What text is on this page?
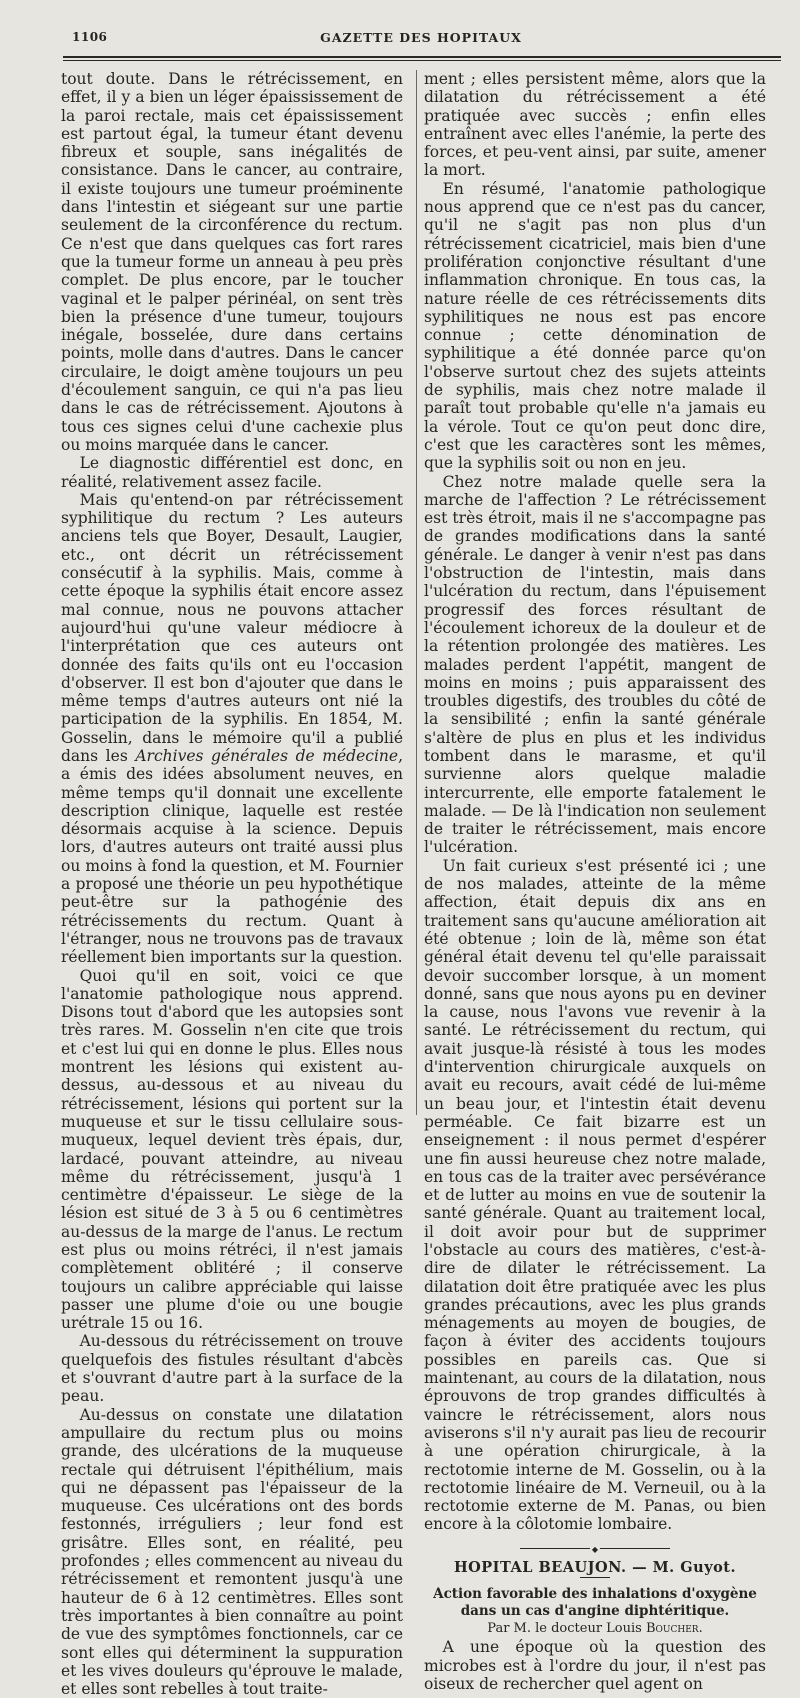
1106	GAZETTE DES HOPITAUX

tout doute. Dans le rétrécissement, en effet, il y a bien un léger épaississement de la paroi rectale, mais cet épaississement est partout égal, la tumeur étant devenu fibreux et souple, sans inégalités de consistance. Dans le cancer, au contraire, il existe toujours une tumeur proéminente dans l'intestin et siégeant sur une partie seulement de la circonférence du rectum. Ce n'est que dans quelques cas fort rares que la tumeur forme un anneau à peu près complet. De plus encore, par le toucher vaginal et le palper périnéal, on sent très bien la présence d'une tumeur, toujours inégale, bosselée, dure dans certains points, molle dans d'autres. Dans le cancer circulaire, le doigt amène toujours un peu d'écoulement sanguin, ce qui n'a pas lieu dans le cas de rétrécissement. Ajoutons à tous ces signes celui d'une cachexie plus ou moins marquée dans le cancer.

Le diagnostic différentiel est donc, en réalité, relativement assez facile.

Mais qu'entend-on par rétrécissement syphilitique du rectum ? Les auteurs anciens tels que Boyer, Desault, Laugier, etc., ont décrit un rétrécissement consécutif à la syphilis. Mais, comme à cette époque la syphilis était encore assez mal connue, nous ne pouvons attacher aujourd'hui qu'une valeur médiocre à l'interprétation que ces auteurs ont donnée des faits qu'ils ont eu l'occasion d'observer. Il est bon d'ajouter que dans le même temps d'autres auteurs ont nié la participation de la syphilis. En 1854, M. Gosselin, dans le mémoire qu'il a publié dans les Archives générales de médecine, a émis des idées absolument neuves, en même temps qu'il donnait une excellente description clinique, laquelle est restée désormais acquise à la science. Depuis lors, d'autres auteurs ont traité aussi plus ou moins à fond la question, et M. Fournier a proposé une théorie un peu hypothétique peut-être sur la pathogénie des rétrécissements du rectum. Quant à l'étranger, nous ne trouvons pas de travaux réellement bien importants sur la question.

Quoi qu'il en soit, voici ce que l'anatomie pathologique nous apprend. Disons tout d'abord que les autopsies sont très rares. M. Gosselin n'en cite que trois et c'est lui qui en donne le plus. Elles nous montrent les lésions qui existent au-dessus, au-dessous et au niveau du rétrécissement, lésions qui portent sur la muqueuse et sur le tissu cellulaire sous-muqueux, lequel devient très épais, dur, lardacé, pouvant atteindre, au niveau même du rétrécissement, jusqu'à 1 centimètre d'épaisseur. Le siège de la lésion est situé de 3 à 5 ou 6 centimètres au-dessus de la marge de l'anus. Le rectum est plus ou moins rétréci, il n'est jamais complètement oblitéré ; il conserve toujours un calibre appréciable qui laisse passer une plume d'oie ou une bougie urétrale 15 ou 16.

Au-dessous du rétrécissement on trouve quelquefois des fistules résultant d'abcès et s'ouvrant d'autre part à la surface de la peau.

Au-dessus on constate une dilatation ampullaire du rectum plus ou moins grande, des ulcérations de la muqueuse rectale qui détruisent l'épithélium, mais qui ne dépassent pas l'épaisseur de la muqueuse. Ces ulcérations ont des bords festonnés, irréguliers ; leur fond est grisâtre. Elles sont, en réalité, peu profondes ; elles commencent au niveau du rétrécissement et remontent jusqu'à une hauteur de 6 à 12 centimètres. Elles sont très importantes à bien connaître au point de vue des symptômes fonctionnels, car ce sont elles qui déterminent la suppuration et les vives douleurs qu'éprouve le malade, et elles sont rebelles à tout traite-

ment ; elles persistent même, alors que la dilatation du rétrécissement a été pratiquée avec succès ; enfin elles entraînent avec elles l'anémie, la perte des forces, et peu-vent ainsi, par suite, amener la mort.

En résumé, l'anatomie pathologique nous apprend que ce n'est pas du cancer, qu'il ne s'agit pas non plus d'un rétrécissement cicatriciel, mais bien d'une prolifération conjonctive résultant d'une inflammation chronique. En tous cas, la nature réelle de ces rétrécissements dits syphilitiques ne nous est pas encore connue ; cette dénomination de syphilitique a été donnée parce qu'on l'observe surtout chez des sujets atteints de syphilis, mais chez notre malade il paraît tout probable qu'elle n'a jamais eu la vérole. Tout ce qu'on peut donc dire, c'est que les caractères sont les mêmes, que la syphilis soit ou non en jeu.

Chez notre malade quelle sera la marche de l'affection ? Le rétrécissement est très étroit, mais il ne s'accompagne pas de grandes modifications dans la santé générale. Le danger à venir n'est pas dans l'obstruction de l'intestin, mais dans l'ulcération du rectum, dans l'épuisement progressif des forces résultant de l'écoulement ichoreux de la douleur et de la rétention prolongée des matières. Les malades perdent l'appétit, mangent de moins en moins ; puis apparaissent des troubles digestifs, des troubles du côté de la sensibilité ; enfin la santé générale s'altère de plus en plus et les individus tombent dans le marasme, et qu'il survienne alors quelque maladie intercurrente, elle emporte fatalement le malade. — De là l'indication non seulement de traiter le rétrécissement, mais encore l'ulcération.

Un fait curieux s'est présenté ici ; une de nos malades, atteinte de la même affection, était depuis dix ans en traitement sans qu'aucune amélioration ait été obtenue ; loin de là, même son état général était devenu tel qu'elle paraissait devoir succomber lorsque, à un moment donné, sans que nous ayons pu en deviner la cause, nous l'avons vue revenir à la santé. Le rétrécissement du rectum, qui avait jusque-là résisté à tous les modes d'intervention chirurgicale auxquels on avait eu recours, avait cédé de lui-même un beau jour, et l'intestin était devenu perméable. Ce fait bizarre est un enseignement : il nous permet d'espérer une fin aussi heureuse chez notre malade, en tous cas de la traiter avec persévérance et de lutter au moins en vue de soutenir la santé générale. Quant au traitement local, il doit avoir pour but de supprimer l'obstacle au cours des matières, c'est-à-dire de dilater le rétrécissement. La dilatation doit être pratiquée avec les plus grandes précautions, avec les plus grands ménagements au moyen de bougies, de façon à éviter des accidents toujours possibles en pareils cas. Que si maintenant, au cours de la dilatation, nous éprouvons de trop grandes difficultés à vaincre le rétrécissement, alors nous aviserons s'il n'y aurait pas lieu de recourir à une opération chirurgicale, à la rectotomie interne de M. Gosselin, ou à la rectotomie linéaire de M. Verneuil, ou à la rectotomie externe de M. Panas, ou bien encore à la côlotomie lombaire.

◆

HOPITAL BEAUJON. — M. Guyot.

Action favorable des inhalations d'oxygène dans un cas d'angine diphtéritique.

Par M. le docteur Louis Boucher.

A une époque où la question des microbes est à l'ordre du jour, il n'est pas oiseux de rechercher quel agent on
